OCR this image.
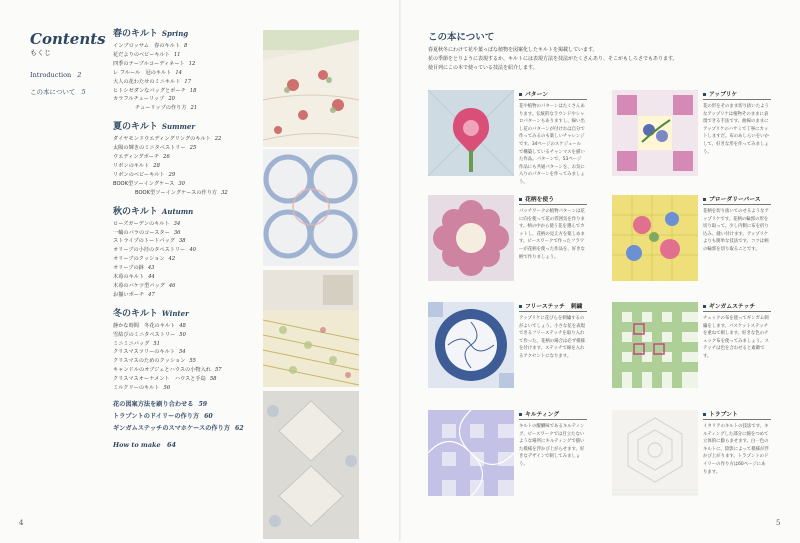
Contents
もくじ
Introduction 2
この本について 5
春のキルト Spring
インブロッサム　春のキルト 8
花だよりのベビーキルト 11
四季のテーブルコーディネート 12
レ フルール　冠のキルト 14
大人の花わたせのミニキルト 17
ヒトシゼダンなバッグとポーチ 18
カラフルチューリップ 20
チューリップの作り方 21
夏のキルト Summer
ダイヤモンドウエディングリングのキルト 22
太陽の輝きのミニタペストリー 25
ウエディングポーチ 26
リボンのキルト 28
リボンのベビーキルト 29
BOOK型ソーイングケース 30
BOOK型ソーイングケースの作り方 32
秋のキルト Autumn
ローズガーデンのキルト 34
一輪のバラのコースター 36
ストライプのトートバッグ 38
オリーブの小径のタペストリー 40
オリーブのクッション 42
オリーブの鉢 43
木苺のキルト 44
木苺のバケツ型バッグ 46
お揃いポーチ 47
冬のキルト Winter
静かな時間　冬花のキルト 48
雪結びのミニタペストリー 50
ミニミニバッグ 51
クリスマスツリーのキルト 54
クリスマスのためのクッション 55
キャンドルのオブジェとハウスの小物入れ 57
クリスマスオーナメント　ハウスと手島 58
ミルクリーのキルト 56
花の図案方法を刷り合わせる 59
トラプントのドイリーの作り方 60
ギンガムステッチのスマホケースの作り方 62
How to make 64
4
この本について
春夏秋冬にわけて花や葉っぱな植物を図案化したキルトを掲載しています。
花の季節をとりように表現するか、キルトには表現方法を技法がたくさんあり、そこがもしろさでもあります。
使目列にこの本で使っている技法を紹介します。
パターン
花や植物のパターンはたくさんあります。伝統的なラウンドやシャロパターンもありますし、線い出し花のパターンが付けれは自分で作ってみるのも楽しいチャレンジです。34ページのスケジュールで構築しているチャンマスを描いた作品。パターンで、53ページ作品にも共通パターンを、お気に入りのパターンを作ってみましょう。
アップリケ
花の形をそのまま切り抜いたようなアップリケは植物そのままに表現できる手法です。曲線のままにアップリケのハサミで丁寧にカットしますだ。布のあしらいをいかして、好きな形を作ってみましょう。
花柄を使う
パッチワークの植物パターンは花に向を使って花の雰囲気を作ります。柄の中から使う花を選んでカットし、花柄の見え方を楽しめます。ピースワークで作ったフラワーが花柄を使った作品を、好きな柄で作りましょう。
ブローダリーパース
花柄を切り抜いてのせるようなアップリケです。花柄の輪郭の形を切り取って、少し内側に布を折り込み、縫い付けます。アップリケよりも簡単な技法です。コツは柄の輪郭を切り取ることです。
フリーステッチ　刺繍
アップリケに花びらを刺繍するのがよいでしょう。小さな花を表現できるフリーステッチを取り入れて作った、花柄の場合は必ず模様を付けます。ステッチで線を入れるアクセントになります。
ギンガムステッチ
チェックの布を使ってギンガム刺繍をします。バスケットステッチを重ねて刺します。好きな色のチェック布を使ってみましょう。ステッチは色を合わせると素敵です。
キルティング
キルトの醍醐味であるキルティング。ピースワークでは目立たないような場所にキルティングで描いた模様を浮かび上がらせます。好きなデザインで刺してみましょう。
トラプント
イタリアのキルトの技法です。キルティングした部分に綿をつめて立体的に膨らませます。白一色のキルトに、陰影によって模様が浮かび上がります。トラプントのドイリーの作り方は60ページにあります。
5
